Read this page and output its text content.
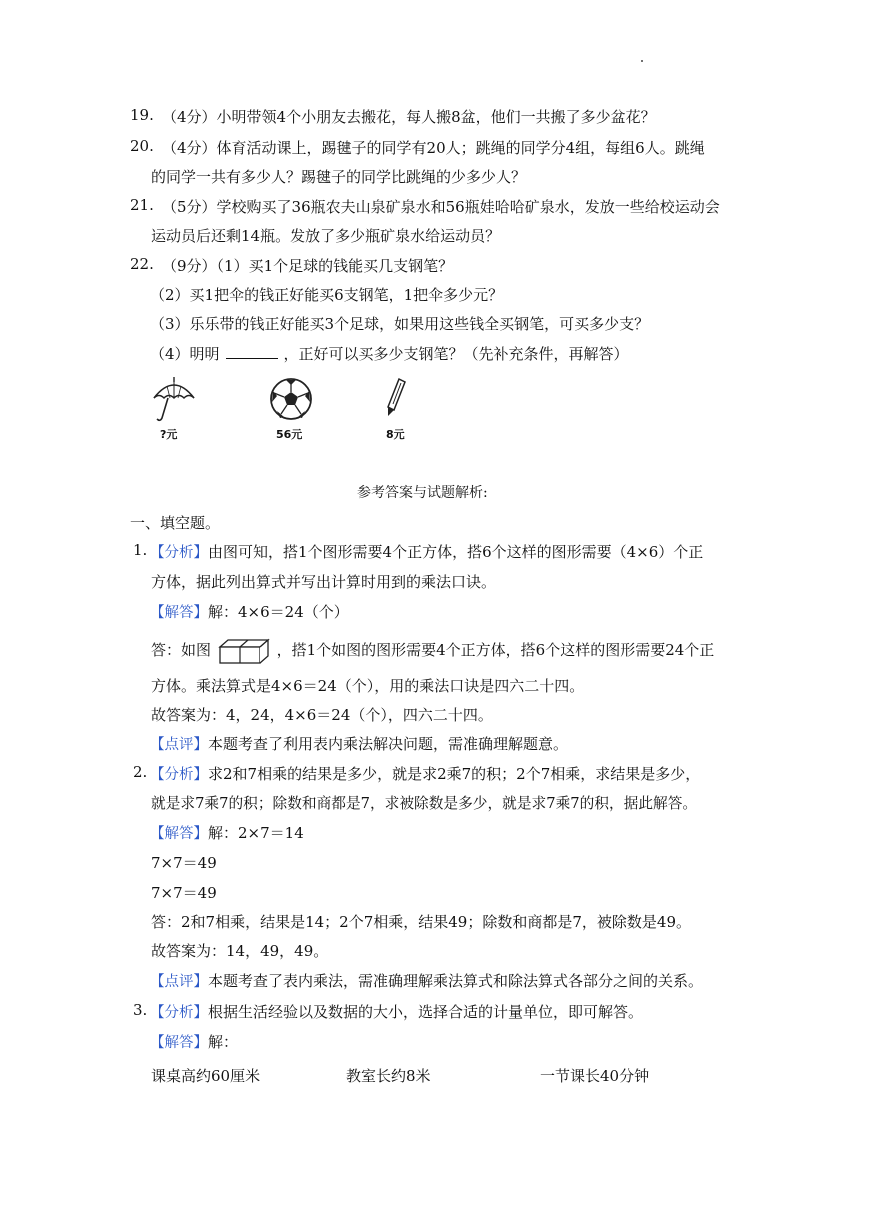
19. （4分）小明带领4个小朋友去搬花，每人搬8盆，他们一共搬了多少盆花？
20. （4分）体育活动课上，踢毽子的同学有20人；跳绳的同学分4组，每组6人。跳绳
的同学一共有多少人？踢毽子的同学比跳绳的少多少人？
21. （5分）学校购买了36瓶农夫山泉矿泉水和56瓶娃哈哈矿泉水，发放一些给校运动会
运动员后还剩14瓶。发放了多少瓶矿泉水给运动员？
22. （9分）（1）买1个足球的钱能买几支钢笔？
（2）买1把伞的钱正好能买6支钢笔，1把伞多少元？
（3）乐乐带的钱正好能买3个足球，如果用这些钱全买钢笔，可买多少支？
（4）明明	，正好可以买多少支钢笔？（先补充条件，再解答）
?元	56元	8元
参考答案与试题解析:
一、填空题。
1. 【分析】由图可知，搭1个图形需要4个正方体，搭6个这样的图形需要（4×6）个正
方体，据此列出算式并写出计算时用到的乘法口诀。
【解答】解：4×6＝24（个）
答：如图	，搭1个如图的图形需要4个正方体，搭6个这样的图形需要24个正
方体。乘法算式是4×6＝24（个），用的乘法口诀是四六二十四。
故答案为：4，24，4×6＝24（个），四六二十四。
【点评】本题考查了利用表内乘法解决问题，需准确理解题意。
2. 【分析】求2和7相乘的结果是多少，就是求2乘7的积；2个7相乘，求结果是多少，
就是求7乘7的积；除数和商都是7，求被除数是多少，就是求7乘7的积，据此解答。
【解答】解：2×7＝14
7×7＝49
7×7＝49
答：2和7相乘，结果是14；2个7相乘，结果49；除数和商都是7，被除数是49。
故答案为：14，49，49。
【点评】本题考查了表内乘法，需准确理解乘法算式和除法算式各部分之间的关系。
3. 【分析】根据生活经验以及数据的大小，选择合适的计量单位，即可解答。
【解答】解：
课桌高约60厘米	教室长约8米	一节课长40分钟
